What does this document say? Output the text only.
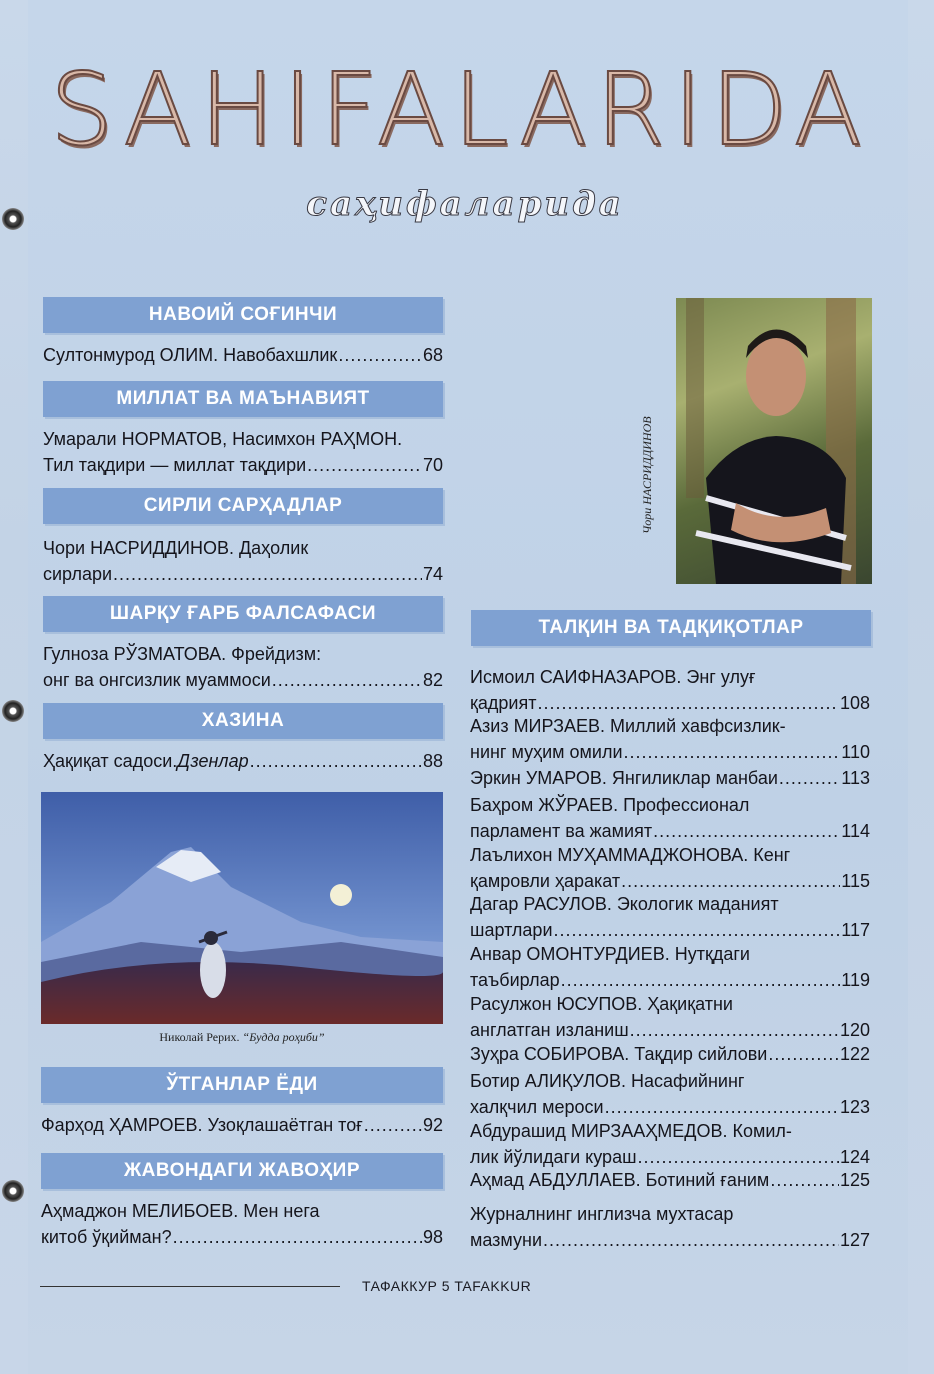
SAHIFALARIDA
саҳифаларида
НАВОИЙ СОҒИНЧИ
Султонмурод ОЛИМ. Навобахшлик .....	68
МИЛЛАТ ВА МАЪНАВИЯТ
Умарали НОРМАТОВ, Насимхон РАҲМОН.
Тил тақдири — миллат тақдири .....	70
СИРЛИ САРҲАДЛАР
Чори НАСРИДДИНОВ. Даҳолик
сирлари .....	74
ШАРҚУ ҒАРБ ФАЛСАФАСИ
Гулноза РЎЗМАТОВА. Фрейдизм:
онг ва онгсизлик муаммоси .....	82
ХАЗИНА
Ҳақиқат садоси. Дзенлар .....	88
Николай Рерих. “Будда роҳиби”
ЎТГАНЛАР ЁДИ
Фарҳод ҲАМРОЕВ. Узоқлашаётган тоғ .....	92
ЖАВОНДАГИ ЖАВОҲИР
Аҳмаджон МЕЛИБОЕВ. Мен нега
китоб ўқийман? .....	98
Чори НАСРИДДИНОВ
ТАЛҚИН ВА ТАДҚИҚОТЛАР
Исмоил САИФНАЗАРОВ. Энг улуғ
қадрият .....	108
Азиз МИРЗАЕВ. Миллий хавфсизлик-
нинг муҳим омили .....	110
Эркин УМАРОВ. Янгиликлар манбаи .....	113
Баҳром ЖЎРАЕВ. Профессионал
парламент ва жамият .....	114
Лаълихон МУҲАММАДЖОНОВА. Кенг
қамровли ҳаракат .....	115
Дагар РАСУЛОВ. Экологик маданият
шартлари .....	117
Анвар ОМОНТУРДИЕВ. Нутқдаги
таъбирлар .....	119
Расулжон ЮСУПОВ. Ҳақиқатни
англатган изланиш .....	120
Зуҳра СОБИРОВА. Тақдир сийлови .....	122
Ботир АЛИҚУЛОВ. Насафийнинг
халқчил мероси .....	123
Абдурашид МИРЗААҲМЕДОВ. Комил-
лик йўлидаги кураш .....	124
Аҳмад АБДУЛЛАЕВ. Ботиний ғаним .....	125
Журналнинг инглизча мухтасар
мазмуни .....	127
ТАФАККУР 5 TAFAKKUR
